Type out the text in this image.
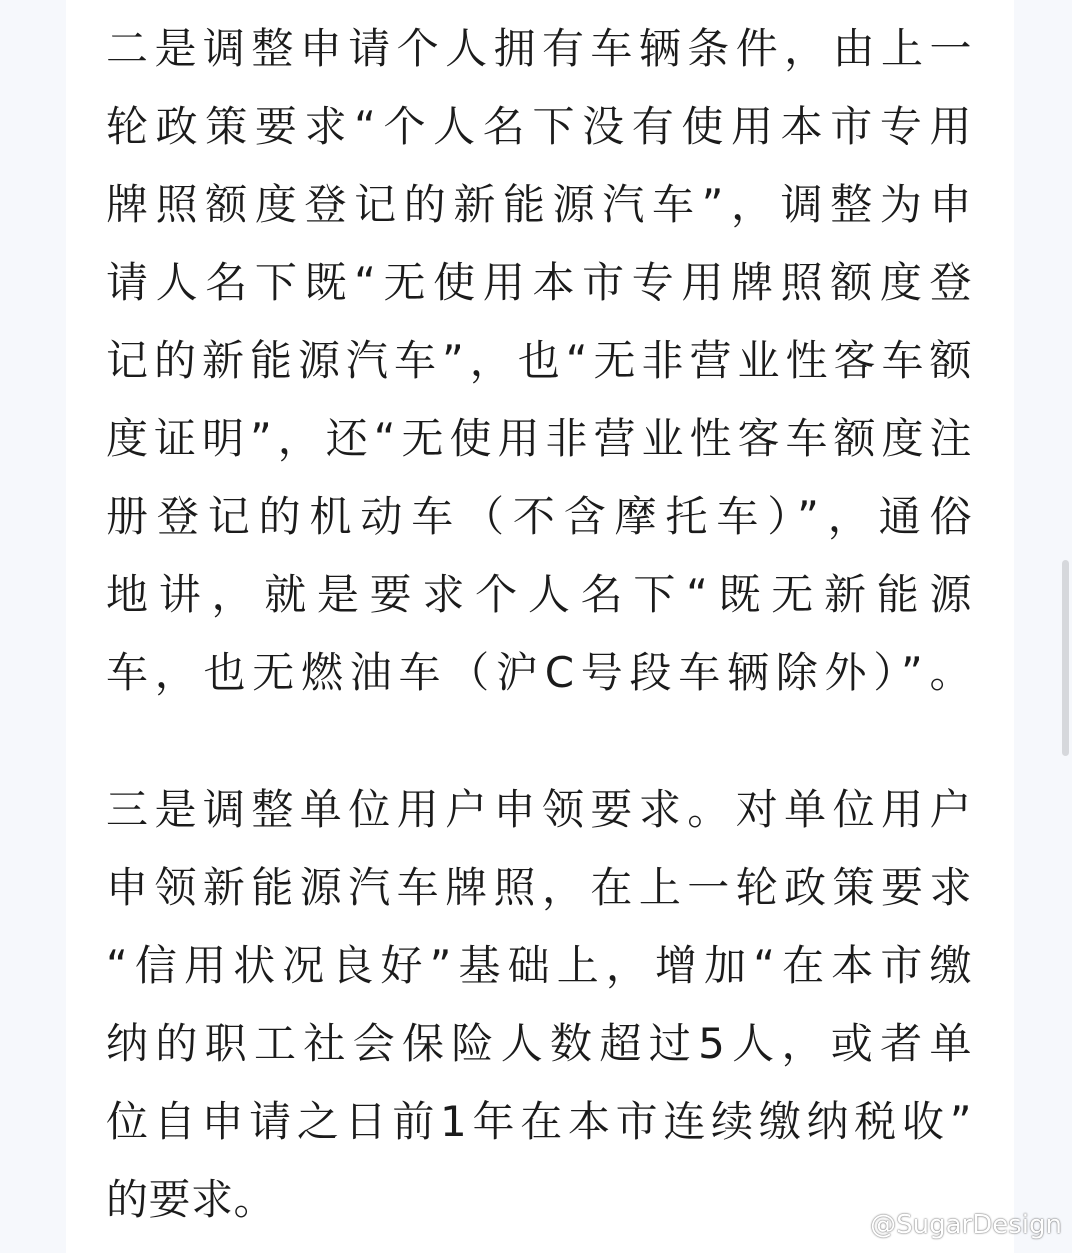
二是调整申请个人拥有车辆条件，由上一
轮政策要求“个人名下没有使用本市专用
牌照额度登记的新能源汽车”，调整为申
请人名下既“无使用本市专用牌照额度登
记的新能源汽车”，也“无非营业性客车额
度证明”，还“无使用非营业性客车额度注
册登记的机动车（不含摩托车）”，通俗
地讲，就是要求个人名下“既无新能源
车，也无燃油车（沪C号段车辆除外）”。
三是调整单位用户申领要求。对单位用户
申领新能源汽车牌照，在上一轮政策要求
“信用状况良好”基础上，增加“在本市缴
纳的职工社会保险人数超过5人，或者单
位自申请之日前1年在本市连续缴纳税收”
的要求。
@SugarDesign
